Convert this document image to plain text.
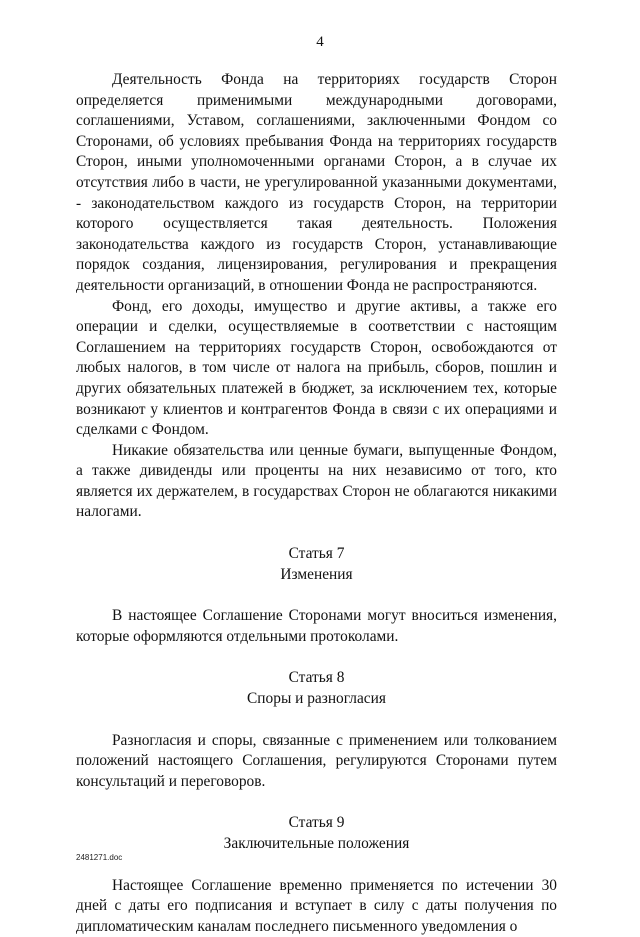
4

Деятельность Фонда на территориях государств Сторон определяется применимыми международными договорами, соглашениями, Уставом, соглашениями, заключенными Фондом со Сторонами, об условиях пребывания Фонда на территориях государств Сторон, иными уполномоченными органами Сторон, а в случае их отсутствия либо в части, не урегулированной указанными документами, - законодательством каждого из государств Сторон, на территории которого осуществляется такая деятельность. Положения законодательства каждого из государств Сторон, устанавливающие порядок создания, лицензирования, регулирования и прекращения деятельности организаций, в отношении Фонда не распространяются.

Фонд, его доходы, имущество и другие активы, а также его операции и сделки, осуществляемые в соответствии с настоящим Соглашением на территориях государств Сторон, освобождаются от любых налогов, в том числе от налога на прибыль, сборов, пошлин и других обязательных платежей в бюджет, за исключением тех, которые возникают у клиентов и контрагентов Фонда в связи с их операциями и сделками с Фондом.

Никакие обязательства или ценные бумаги, выпущенные Фондом, а также дивиденды или проценты на них независимо от того, кто является их держателем, в государствах Сторон не облагаются никакими налогами.

Статья 7

Изменения

В настоящее Соглашение Сторонами могут вноситься изменения, которые оформляются отдельными протоколами.

Статья 8

Споры и разногласия

Разногласия и споры, связанные с применением или толкованием положений настоящего Соглашения, регулируются Сторонами путем консультаций и переговоров.

Статья 9

Заключительные положения

Настоящее Соглашение временно применяется по истечении 30 дней с даты его подписания и вступает в силу с даты получения по дипломатическим каналам последнего письменного уведомления о

2481271.doc
